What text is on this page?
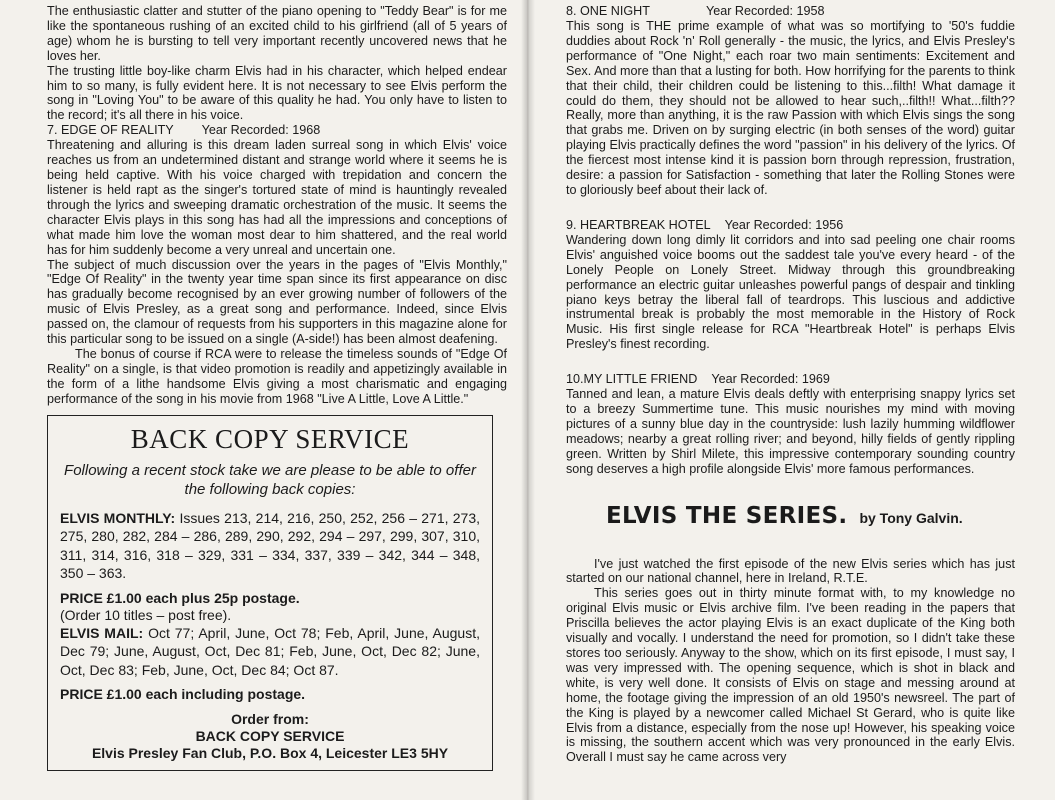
The enthusiastic clatter and stutter of the piano opening to "Teddy Bear" is for me like the spontaneous rushing of an excited child to his girlfriend (all of 5 years of age) whom he is bursting to tell very important recently uncovered news that he loves her.

The trusting little boy-like charm Elvis had in his character, which helped endear him to so many, is fully evident here. It is not necessary to see Elvis perform the song in "Loving You" to be aware of this quality he had. You only have to listen to the record; it's all there in his voice.

7. EDGE OF REALITY Year Recorded: 1968

Threatening and alluring is this dream laden surreal song in which Elvis' voice reaches us from an undetermined distant and strange world where it seems he is being held captive. With his voice charged with trepidation and concern the listener is held rapt as the singer's tortured state of mind is hauntingly revealed through the lyrics and sweeping dramatic orchestration of the music. It seems the character Elvis plays in this song has had all the impressions and conceptions of what made him love the woman most dear to him shattered, and the real world has for him suddenly become a very unreal and uncertain one.

The subject of much discussion over the years in the pages of "Elvis Monthly," "Edge Of Reality" in the twenty year time span since its first appearance on disc has gradually become recognised by an ever growing number of followers of the music of Elvis Presley, as a great song and performance. Indeed, since Elvis passed on, the clamour of requests from his supporters in this magazine alone for this particular song to be issued on a single (A-side!) has been almost deafening.

The bonus of course if RCA were to release the timeless sounds of "Edge Of Reality" on a single, is that video promotion is readily and appetizingly available in the form of a lithe handsome Elvis giving a most charismatic and engaging performance of the song in his movie from 1968 "Live A Little, Love A Little."

BACK COPY SERVICE
Following a recent stock take we are please to be able to offer the following back copies:
ELVIS MONTHLY: Issues 213, 214, 216, 250, 252, 256 – 271, 273, 275, 280, 282, 284 – 286, 289, 290, 292, 294 – 297, 299, 307, 310, 311, 314, 316, 318 – 329, 331 – 334, 337, 339 – 342, 344 – 348, 350 – 363.
PRICE £1.00 each plus 25p postage.
(Order 10 titles – post free).
ELVIS MAIL: Oct 77; April, June, Oct 78; Feb, April, June, August, Dec 79; June, August, Oct, Dec 81; Feb, June, Oct, Dec 82; June, Oct, Dec 83; Feb, June, Oct, Dec 84; Oct 87.
PRICE £1.00 each including postage.
Order from:
BACK COPY SERVICE
Elvis Presley Fan Club, P.O. Box 4, Leicester LE3 5HY
8. ONE NIGHT	Year Recorded: 1958

This song is THE prime example of what was so mortifying to '50's fuddie duddies about Rock 'n' Roll generally - the music, the lyrics, and Elvis Presley's performance of "One Night," each roar two main sentiments: Excitement and Sex. And more than that a lusting for both. How horrifying for the parents to think that their child, their children could be listening to this...filth! What damage it could do them, they should not be allowed to hear such,..filth!! What...filth?? Really, more than anything, it is the raw Passion with which Elvis sings the song that grabs me. Driven on by surging electric (in both senses of the word) guitar playing Elvis practically defines the word "passion" in his delivery of the lyrics. Of the fiercest most intense kind it is passion born through repression, frustration, desire: a passion for Satisfaction - something that later the Rolling Stones were to gloriously beef about their lack of.

9. HEARTBREAK HOTEL Year Recorded: 1956

Wandering down long dimly lit corridors and into sad peeling one chair rooms Elvis' anguished voice booms out the saddest tale you've every heard - of the Lonely People on Lonely Street. Midway through this groundbreaking performance an electric guitar unleashes powerful pangs of despair and tinkling piano keys betray the liberal fall of teardrops. This luscious and addictive instrumental break is probably the most memorable in the History of Rock Music. His first single release for RCA "Heartbreak Hotel" is perhaps Elvis Presley's finest recording.

10.MY LITTLE FRIEND Year Recorded: 1969

Tanned and lean, a mature Elvis deals deftly with enterprising snappy lyrics set to a breezy Summertime tune. This music nourishes my mind with moving pictures of a sunny blue day in the countryside: lush lazily humming wildflower meadows; nearby a great rolling river; and beyond, hilly fields of gently rippling green. Written by Shirl Milete, this impressive contemporary sounding country song deserves a high profile alongside Elvis' more famous performances.

ELVIS THE SERIES. by Tony Galvin.

I've just watched the first episode of the new Elvis series which has just started on our national channel, here in Ireland, R.T.E.

This series goes out in thirty minute format with, to my knowledge no original Elvis music or Elvis archive film. I've been reading in the papers that Priscilla believes the actor playing Elvis is an exact duplicate of the King both visually and vocally. I understand the need for promotion, so I didn't take these stores too seriously. Anyway to the show, which on its first episode, I must say, I was very impressed with. The opening sequence, which is shot in black and white, is very well done. It consists of Elvis on stage and messing around at home, the footage giving the impression of an old 1950's newsreel. The part of the King is played by a newcomer called Michael St Gerard, who is quite like Elvis from a distance, especially from the nose up! However, his speaking voice is missing, the southern accent which was very pronounced in the early Elvis. Overall I must say he came across very
